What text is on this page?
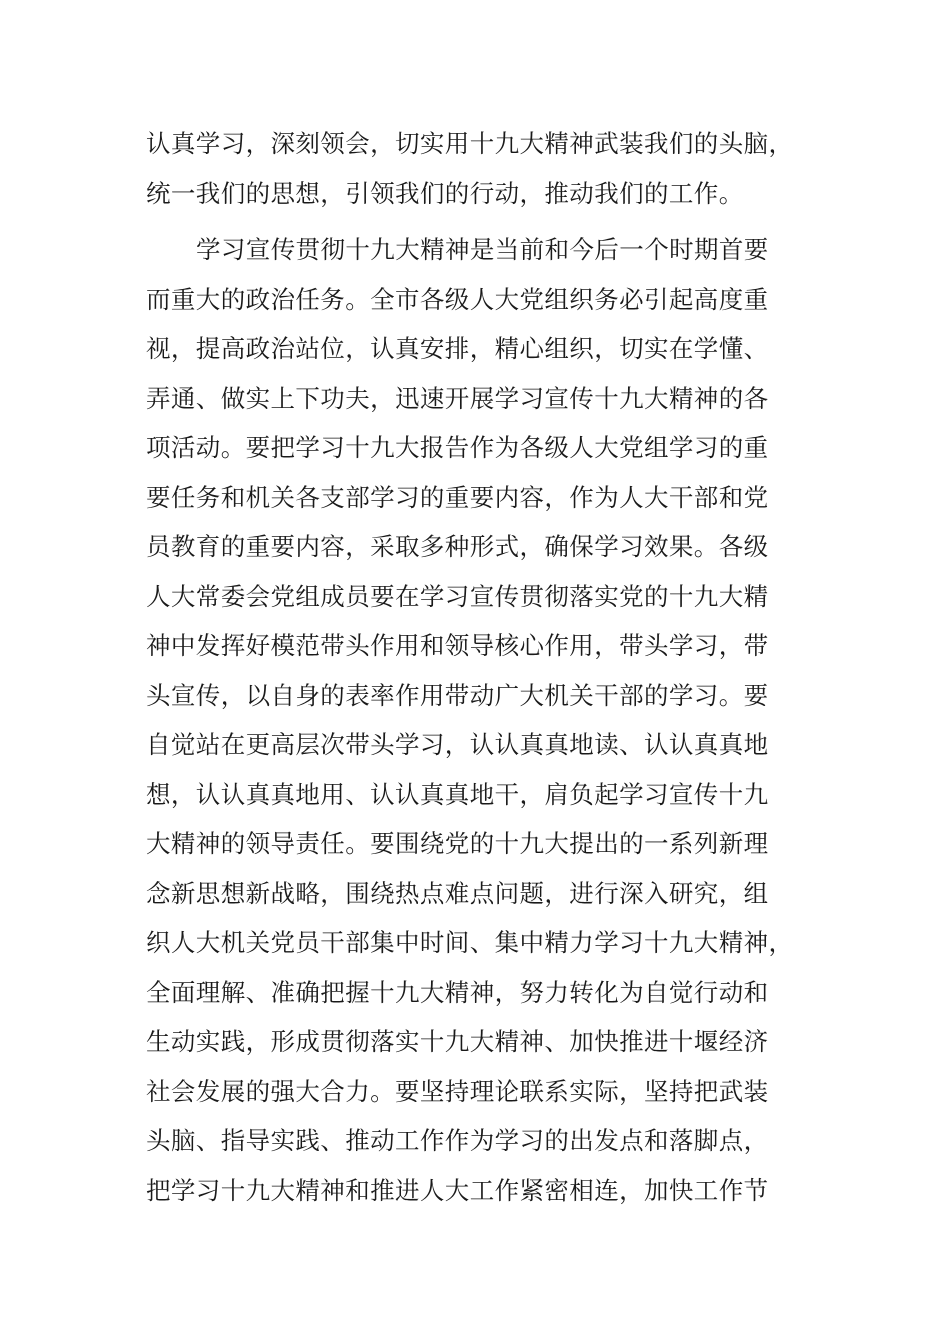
认真学习，深刻领会，切实用十九大精神武装我们的头脑，
统一我们的思想，引领我们的行动，推动我们的工作。
学习宣传贯彻十九大精神是当前和今后一个时期首要
而重大的政治任务。全市各级人大党组织务必引起高度重
视，提高政治站位，认真安排，精心组织，切实在学懂、
弄通、做实上下功夫，迅速开展学习宣传十九大精神的各
项活动。要把学习十九大报告作为各级人大党组学习的重
要任务和机关各支部学习的重要内容，作为人大干部和党
员教育的重要内容，采取多种形式，确保学习效果。各级
人大常委会党组成员要在学习宣传贯彻落实党的十九大精
神中发挥好模范带头作用和领导核心作用，带头学习，带
头宣传，以自身的表率作用带动广大机关干部的学习。要
自觉站在更高层次带头学习，认认真真地读、认认真真地
想，认认真真地用、认认真真地干，肩负起学习宣传十九
大精神的领导责任。要围绕党的十九大提出的一系列新理
念新思想新战略，围绕热点难点问题，进行深入研究，组
织人大机关党员干部集中时间、集中精力学习十九大精神，
全面理解、准确把握十九大精神，努力转化为自觉行动和
生动实践，形成贯彻落实十九大精神、加快推进十堰经济
社会发展的强大合力。要坚持理论联系实际，坚持把武装
头脑、指导实践、推动工作作为学习的出发点和落脚点，
把学习十九大精神和推进人大工作紧密相连，加快工作节
